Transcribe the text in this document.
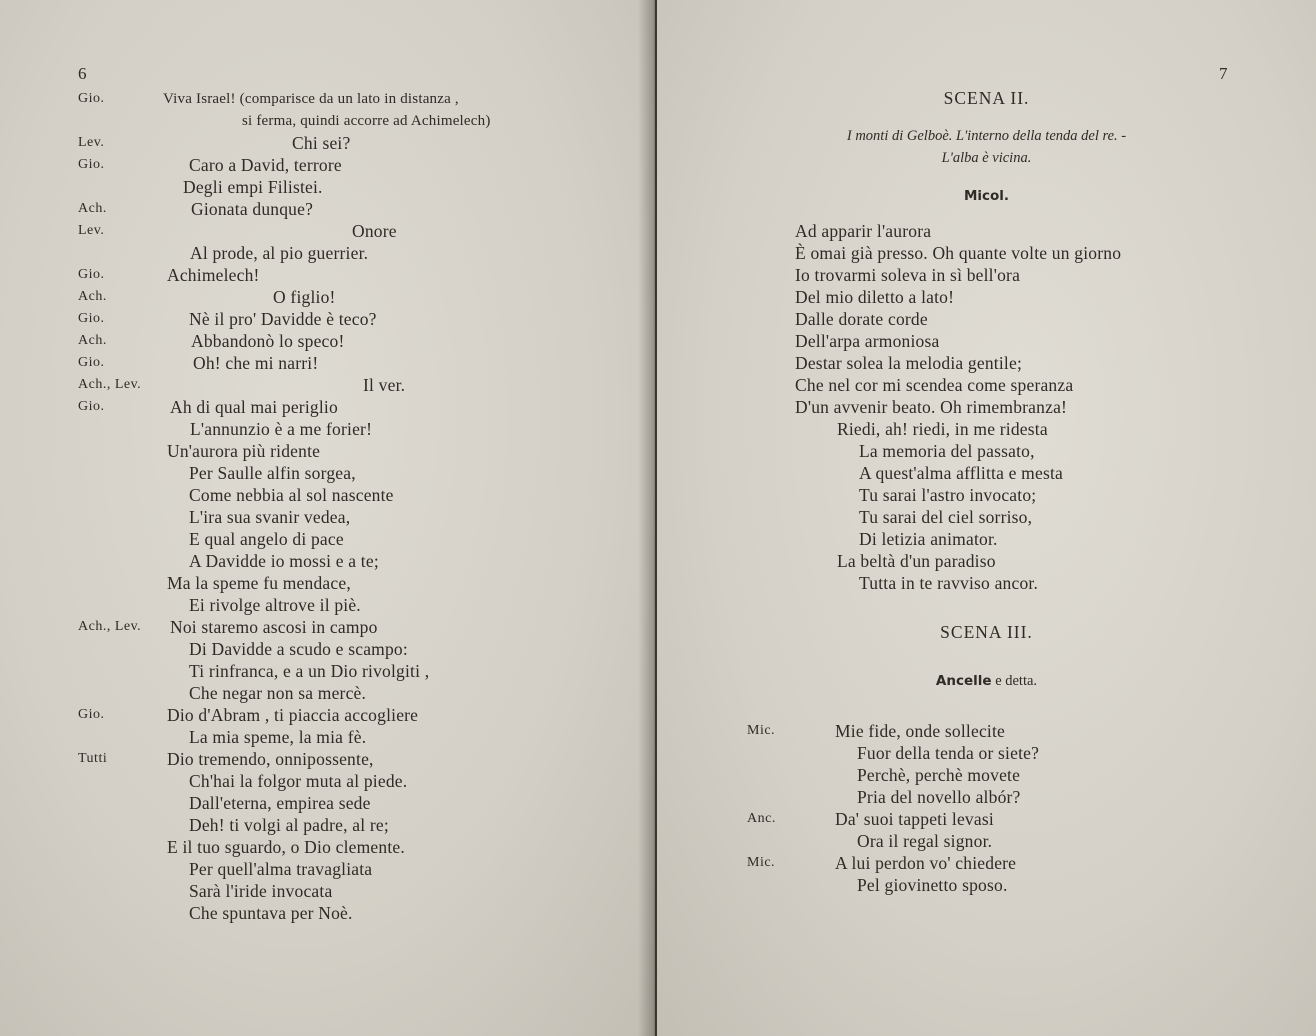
6
Gio.	Viva Israel! (comparisce da un lato in distanza ,
si ferma, quindi accorre ad Achimelech)
Lev.	Chi sei?
Gio.	Caro a David, terrore
Degli empi Filistei.
Ach.	Gionata dunque?
Lev.	Onore
Al prode, al pio guerrier.
Gio.	Achimelech!
Ach.	O figlio!
Gio.	Nè il pro' Davidde è teco?
Ach.	Abbandonò lo speco!
Gio.	Oh! che mi narri!
Ach., Lev.	Il ver.
Gio.	Ah di qual mai periglio
L'annunzio è a me forier!
Un'aurora più ridente
Per Saulle alfin sorgea,
Come nebbia al sol nascente
L'ira sua svanir vedea,
E qual angelo di pace
A Davidde io mossi e a te;
Ma la speme fu mendace,
Ei rivolge altrove il piè.
Ach., Lev. Noi staremo ascosi in campo
Di Davidde a scudo e scampo:
Ti rinfranca, e a un Dio rivolgiti ,
Che negar non sa mercè.
Gio.	Dio d'Abram , ti piaccia accogliere
La mia speme, la mia fè.
Tutti	Dio tremendo, onnipossente,
Ch'hai la folgor muta al piede.
Dall'eterna, empirea sede
Deh! ti volgi al padre, al re;
E il tuo sguardo, o Dio clemente.
Per quell'alma travagliata
Sarà l'iride invocata
Che spuntava per Noè.
7
SCENA II.
I monti di Gelboè. L'interno della tenda del re. -
L'alba è vicina.
Micol.
Ad apparir l'aurora
È omai già presso. Oh quante volte un giorno
Io trovarmi soleva in sì bell'ora
Del mio diletto a lato!
Dalle dorate corde
Dell'arpa armoniosa
Destar solea la melodia gentile;
Che nel cor mi scendea come speranza
D'un avvenir beato. Oh rimembranza!
Riedi, ah! riedi, in me ridesta
La memoria del passato,
A quest'alma afflitta e mesta
Tu sarai l'astro invocato;
Tu sarai del ciel sorriso,
Di letizia animator.
La beltà d'un paradiso
Tutta in te ravviso ancor.
SCENA III.
Ancelle e detta.
Mic.	Mie fide, onde sollecite
Fuor della tenda or siete?
Perchè, perchè movete
Pria del novello albór?
Anc.	Da' suoi tappeti levasi
Ora il regal signor.
Mic.	A lui perdon vo' chiedere
Pel giovinetto sposo.
